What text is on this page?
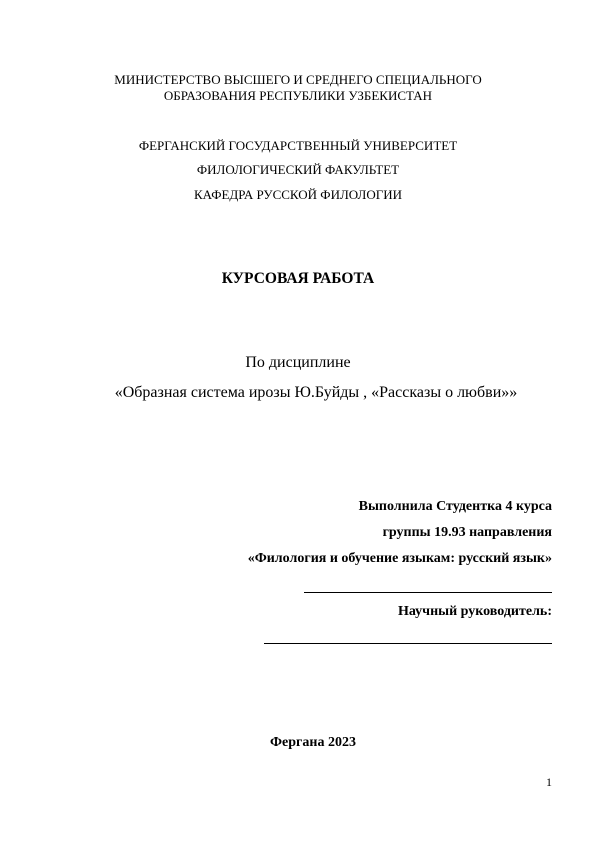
МИНИСТЕРСТВО ВЫСШЕГО И СРЕДНЕГО СПЕЦИАЛЬНОГО
ОБРАЗОВАНИЯ РЕСПУБЛИКИ УЗБЕКИСТАН
ФЕРГАНСКИЙ ГОСУДАРСТВЕННЫЙ УНИВЕРСИТЕТ
ФИЛОЛОГИЧЕСКИЙ ФАКУЛЬТЕТ
КАФЕДРА РУССКОЙ ФИЛОЛОГИИ
КУРСОВАЯ РАБОТА
По дисциплине
«Образная система ирозы Ю.Буйды , «Рассказы о любви»»
Выполнила Студентка 4 курса
группы 19.93 направления
«Филология и обучение языкам: русский язык»
Научный руководитель:
Фергана 2023
1
